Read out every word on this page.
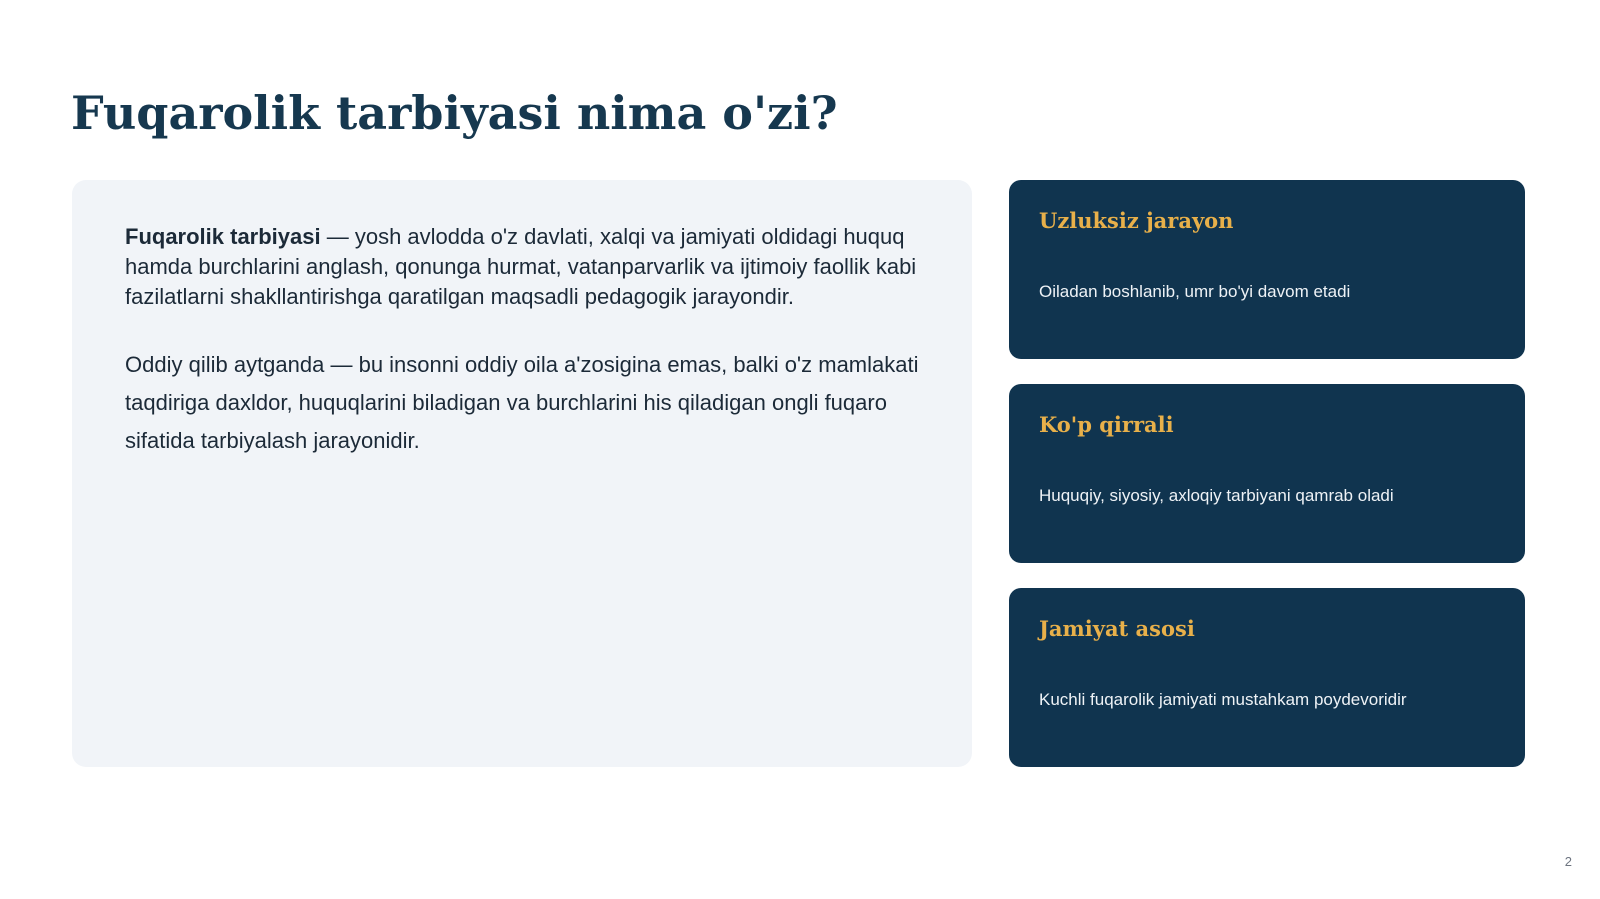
Fuqarolik tarbiyasi nima o'zi?

Fuqarolik tarbiyasi — yosh avlodda o'z davlati, xalqi va jamiyati oldidagi huquq hamda burchlarini anglash, qonunga hurmat, vatanparvarlik va ijtimoiy faollik kabi fazilatlarni shakllantirishga qaratilgan maqsadli pedagogik jarayondir.

Oddiy qilib aytganda — bu insonni oddiy oila a'zosigina emas, balki o'z mamlakati taqdiriga daxldor, huquqlarini biladigan va burchlarini his qiladigan ongli fuqaro sifatida tarbiyalash jarayonidir.

Uzluksiz jarayon

Oiladan boshlanib, umr bo'yi davom etadi

Ko'p qirrali

Huquqiy, siyosiy, axloqiy tarbiyani qamrab oladi

Jamiyat asosi

Kuchli fuqarolik jamiyati mustahkam poydevoridir

2
